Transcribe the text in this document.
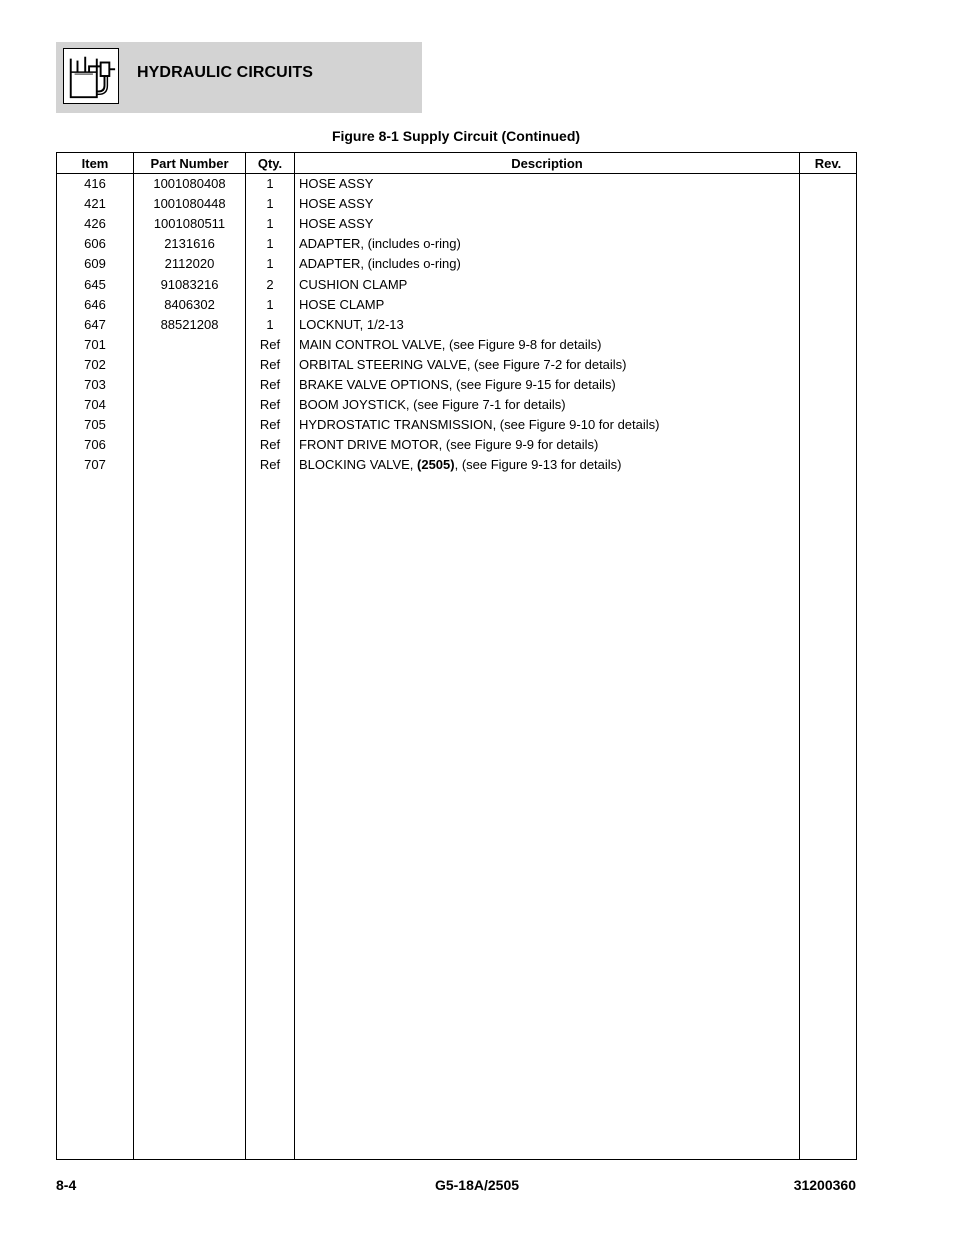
HYDRAULIC CIRCUITS
Figure 8-1 Supply Circuit (Continued)
Item	Part Number	Qty.	Description	Rev.
416	1001080408	1	HOSE ASSY	
421	1001080448	1	HOSE ASSY	
426	1001080511	1	HOSE ASSY	
606	2131616	1	ADAPTER, (includes o-ring)	
609	2112020	1	ADAPTER, (includes o-ring)	
645	91083216	2	CUSHION CLAMP	
646	8406302	1	HOSE CLAMP	
647	88521208	1	LOCKNUT, 1/2-13	
701		Ref	MAIN CONTROL VALVE, (see Figure 9-8 for details)	
702		Ref	ORBITAL STEERING VALVE, (see Figure 7-2 for details)	
703		Ref	BRAKE VALVE OPTIONS, (see Figure 9-15 for details)	
704		Ref	BOOM JOYSTICK, (see Figure 7-1 for details)	
705		Ref	HYDROSTATIC TRANSMISSION, (see Figure 9-10 for details)	
706		Ref	FRONT DRIVE MOTOR, (see Figure 9-9 for details)	
707		Ref	BLOCKING VALVE, (2505), (see Figure 9-13 for details)	

8-4	G5-18A/2505	31200360
